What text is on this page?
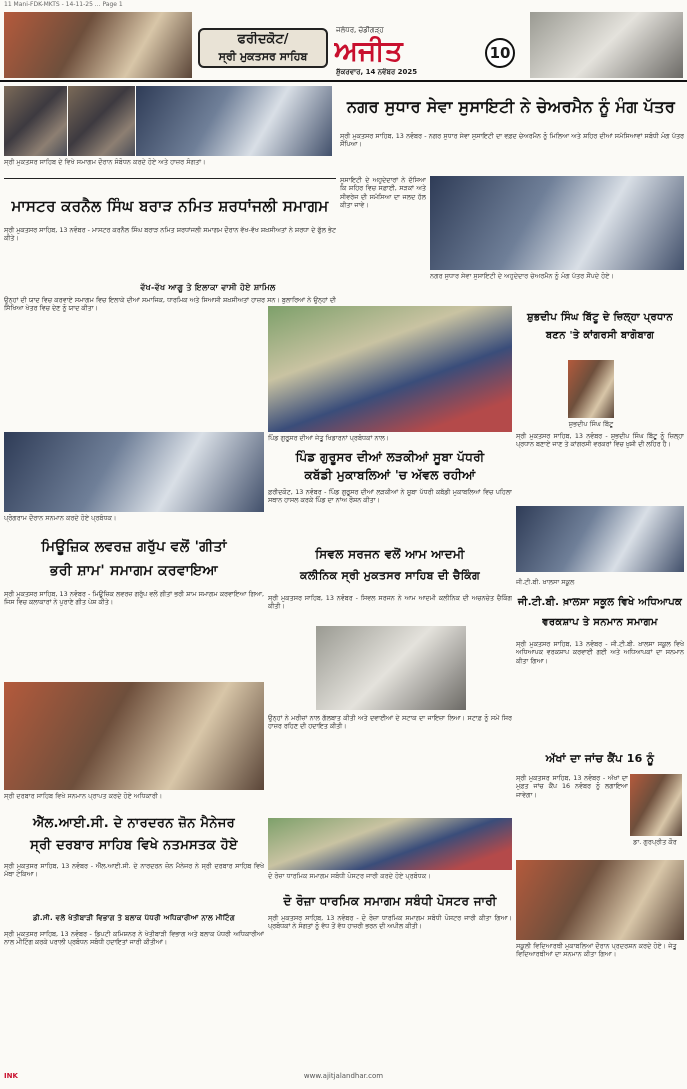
11 Mani-FDK-MKTS - 14-11-25 ... Page 1
ਫਰੀਦਕੋਟ/
ਸ੍ਰੀ ਮੁਕਤਸਰ ਸਾਹਿਬ
ਜਲੰਧਰ, ਚੰਡੀਗੜ੍ਹ
ਅਜੀਤ
ਸ਼ੁੱਕਰਵਾਰ, 14 ਨਵੰਬਰ 2025
10
ਸ੍ਰੀ ਮੁਕਤਸਰ ਸਾਹਿਬ ਦੇ ਵਿਖੇ ਸਮਾਗਮ ਦੌਰਾਨ ਸੰਬੋਧਨ ਕਰਦੇ ਹੋਏ ਅਤੇ ਹਾਜ਼ਰ ਸੰਗਤਾਂ।
ਨਗਰ ਸੁਧਾਰ ਸੇਵਾ ਸੁਸਾਇਟੀ ਨੇ ਚੇਅਰਮੈਨ ਨੂੰ ਮੰਗ ਪੱਤਰ
ਸ੍ਰੀ ਮੁਕਤਸਰ ਸਾਹਿਬ, 13 ਨਵੰਬਰ - ਨਗਰ ਸੁਧਾਰ ਸੇਵਾ ਸੁਸਾਇਟੀ ਦਾ ਵਫ਼ਦ ਚੇਅਰਮੈਨ ਨੂੰ ਮਿਲਿਆ ਅਤੇ ਸ਼ਹਿਰ ਦੀਆਂ ਸਮੱਸਿਆਵਾਂ ਸਬੰਧੀ ਮੰਗ ਪੱਤਰ ਸੌਂਪਿਆ।
ਸੁਸਾਇਟੀ ਦੇ ਅਹੁਦੇਦਾਰਾਂ ਨੇ ਦੱਸਿਆ ਕਿ ਸ਼ਹਿਰ ਵਿਚ ਸਫ਼ਾਈ, ਸੜਕਾਂ ਅਤੇ ਸੀਵਰੇਜ ਦੀ ਸਮੱਸਿਆ ਦਾ ਜਲਦ ਹੱਲ ਕੀਤਾ ਜਾਵੇ।
ਨਗਰ ਸੁਧਾਰ ਸੇਵਾ ਸੁਸਾਇਟੀ ਦੇ ਅਹੁਦੇਦਾਰ ਚੇਅਰਮੈਨ ਨੂੰ ਮੰਗ ਪੱਤਰ ਸੌਂਪਦੇ ਹੋਏ।
ਮਾਸਟਰ ਕਰਨੈਲ ਸਿੰਘ ਬਰਾੜ ਨਮਿਤ ਸ਼ਰਧਾਂਜਲੀ ਸਮਾਗਮ
ਸ੍ਰੀ ਮੁਕਤਸਰ ਸਾਹਿਬ, 13 ਨਵੰਬਰ - ਮਾਸਟਰ ਕਰਨੈਲ ਸਿੰਘ ਬਰਾੜ ਨਮਿਤ ਸ਼ਰਧਾਂਜਲੀ ਸਮਾਗਮ ਦੌਰਾਨ ਵੱਖ-ਵੱਖ ਸ਼ਖ਼ਸੀਅਤਾਂ ਨੇ ਸ਼ਰਧਾ ਦੇ ਫੁੱਲ ਭੇਟ ਕੀਤੇ।
ਵੱਖ-ਵੱਖ ਆਗੂ ਤੇ ਇਲਾਕਾ ਵਾਸੀ ਹੋਏ ਸ਼ਾਮਿਲ
ਉਨ੍ਹਾਂ ਦੀ ਯਾਦ ਵਿਚ ਕਰਵਾਏ ਸਮਾਗਮ ਵਿਚ ਇਲਾਕੇ ਦੀਆਂ ਸਮਾਜਿਕ, ਧਾਰਮਿਕ ਅਤੇ ਸਿਆਸੀ ਸ਼ਖ਼ਸੀਅਤਾਂ ਹਾਜ਼ਰ ਸਨ। ਬੁਲਾਰਿਆਂ ਨੇ ਉਨ੍ਹਾਂ ਦੀ ਸਿੱਖਿਆ ਖੇਤਰ ਵਿਚ ਦੇਣ ਨੂੰ ਯਾਦ ਕੀਤਾ।
ਪਿੰਡ ਗੁਰੂਸਰ ਦੀਆਂ ਜੇਤੂ ਖਿਡਾਰਨਾਂ ਪ੍ਰਬੰਧਕਾਂ ਨਾਲ।
ਪਿੰਡ ਗੁਰੂਸਰ ਦੀਆਂ ਲੜਕੀਆਂ ਸੂਬਾ ਪੱਧਰੀ
ਕਬੱਡੀ ਮੁਕਾਬਲਿਆਂ 'ਚ ਅੱਵਲ ਰਹੀਆਂ
ਫ਼ਰੀਦਕੋਟ, 13 ਨਵੰਬਰ - ਪਿੰਡ ਗੁਰੂਸਰ ਦੀਆਂ ਲੜਕੀਆਂ ਨੇ ਸੂਬਾ ਪੱਧਰੀ ਕਬੱਡੀ ਮੁਕਾਬਲਿਆਂ ਵਿਚ ਪਹਿਲਾ ਸਥਾਨ ਹਾਸਲ ਕਰਕੇ ਪਿੰਡ ਦਾ ਨਾਂਅ ਰੌਸ਼ਨ ਕੀਤਾ।
ਸ਼ੁਭਦੀਪ ਸਿੰਘ ਬਿੱਟੂ ਦੇ ਜ਼ਿਲ੍ਹਾ ਪ੍ਰਧਾਨ
ਬਣਨ 'ਤੇ ਕਾਂਗਰਸੀ ਬਾਗੋਬਾਗ
ਸ਼ੁਭਦੀਪ ਸਿੰਘ ਬਿੱਟੂ
ਸ੍ਰੀ ਮੁਕਤਸਰ ਸਾਹਿਬ, 13 ਨਵੰਬਰ - ਸ਼ੁਭਦੀਪ ਸਿੰਘ ਬਿੱਟੂ ਨੂੰ ਜ਼ਿਲ੍ਹਾ ਪ੍ਰਧਾਨ ਬਣਾਏ ਜਾਣ ਤੇ ਕਾਂਗਰਸੀ ਵਰਕਰਾਂ ਵਿਚ ਖ਼ੁਸ਼ੀ ਦੀ ਲਹਿਰ ਹੈ।
ਪ੍ਰੋਗਰਾਮ ਦੌਰਾਨ ਸਨਮਾਨ ਕਰਦੇ ਹੋਏ ਪ੍ਰਬੰਧਕ।
ਮਿਊਜ਼ਿਕ ਲਵਰਜ਼ ਗਰੁੱਪ ਵਲੋਂ 'ਗੀਤਾਂ
ਭਰੀ ਸ਼ਾਮ' ਸਮਾਗਮ ਕਰਵਾਇਆ
ਸ੍ਰੀ ਮੁਕਤਸਰ ਸਾਹਿਬ, 13 ਨਵੰਬਰ - ਮਿਊਜ਼ਿਕ ਲਵਰਜ਼ ਗਰੁੱਪ ਵਲੋਂ ਗੀਤਾਂ ਭਰੀ ਸ਼ਾਮ ਸਮਾਗਮ ਕਰਵਾਇਆ ਗਿਆ, ਜਿਸ ਵਿਚ ਕਲਾਕਾਰਾਂ ਨੇ ਪੁਰਾਣੇ ਗੀਤ ਪੇਸ਼ ਕੀਤੇ।
ਸ੍ਰੀ ਦਰਬਾਰ ਸਾਹਿਬ ਵਿਖੇ ਸਨਮਾਨ ਪ੍ਰਾਪਤ ਕਰਦੇ ਹੋਏ ਅਧਿਕਾਰੀ।
ਸਿਵਲ ਸਰਜਨ ਵਲੋਂ ਆਮ ਆਦਮੀ
ਕਲੀਨਿਕ ਸ੍ਰੀ ਮੁਕਤਸਰ ਸਾਹਿਬ ਦੀ ਚੈਕਿੰਗ
ਸ੍ਰੀ ਮੁਕਤਸਰ ਸਾਹਿਬ, 13 ਨਵੰਬਰ - ਸਿਵਲ ਸਰਜਨ ਨੇ ਆਮ ਆਦਮੀ ਕਲੀਨਿਕ ਦੀ ਅਚਨਚੇਤ ਚੈਕਿੰਗ ਕੀਤੀ।
ਉਨ੍ਹਾਂ ਨੇ ਮਰੀਜ਼ਾਂ ਨਾਲ ਗੱਲਬਾਤ ਕੀਤੀ ਅਤੇ ਦਵਾਈਆਂ ਦੇ ਸਟਾਕ ਦਾ ਜਾਇਜ਼ਾ ਲਿਆ। ਸਟਾਫ਼ ਨੂੰ ਸਮੇਂ ਸਿਰ ਹਾਜ਼ਰ ਰਹਿਣ ਦੀ ਹਦਾਇਤ ਕੀਤੀ।
ਜੀ.ਟੀ.ਬੀ. ਖ਼ਾਲਸਾ ਸਕੂਲ
ਜੀ.ਟੀ.ਬੀ. ਖ਼ਾਲਸਾ ਸਕੂਲ ਵਿਖੇ ਅਧਿਆਪਕ
ਵਰਕਸ਼ਾਪ ਤੇ ਸਨਮਾਨ ਸਮਾਗਮ
ਸ੍ਰੀ ਮੁਕਤਸਰ ਸਾਹਿਬ, 13 ਨਵੰਬਰ - ਜੀ.ਟੀ.ਬੀ. ਖ਼ਾਲਸਾ ਸਕੂਲ ਵਿਖੇ ਅਧਿਆਪਕ ਵਰਕਸ਼ਾਪ ਕਰਵਾਈ ਗਈ ਅਤੇ ਅਧਿਆਪਕਾਂ ਦਾ ਸਨਮਾਨ ਕੀਤਾ ਗਿਆ।
ਅੱਖਾਂ ਦਾ ਜਾਂਚ ਕੈਂਪ 16 ਨੂੰ
ਸ੍ਰੀ ਮੁਕਤਸਰ ਸਾਹਿਬ, 13 ਨਵੰਬਰ - ਅੱਖਾਂ ਦਾ ਮੁਫ਼ਤ ਜਾਂਚ ਕੈਂਪ 16 ਨਵੰਬਰ ਨੂੰ ਲਗਾਇਆ ਜਾਵੇਗਾ।
ਡਾ. ਗੁਰਪ੍ਰੀਤ ਕੌਰ
ਐੱਲ.ਆਈ.ਸੀ. ਦੇ ਨਾਰਦਰਨ ਜ਼ੋਨ ਮੈਨੇਜਰ
ਸ੍ਰੀ ਦਰਬਾਰ ਸਾਹਿਬ ਵਿਖੇ ਨਤਮਸਤਕ ਹੋਏ
ਸ੍ਰੀ ਮੁਕਤਸਰ ਸਾਹਿਬ, 13 ਨਵੰਬਰ - ਐੱਲ.ਆਈ.ਸੀ. ਦੇ ਨਾਰਦਰਨ ਜ਼ੋਨ ਮੈਨੇਜਰ ਨੇ ਸ੍ਰੀ ਦਰਬਾਰ ਸਾਹਿਬ ਵਿਖੇ ਮੱਥਾ ਟੇਕਿਆ।	ਦੋ ਰੋਜ਼ਾ ਧਾਰਮਿਕ ਸਮਾਗਮ ਸਬੰਧੀ ਪੋਸਟਰ ਜਾਰੀ ਕਰਦੇ ਹੋਏ ਪ੍ਰਬੰਧਕ।
ਦੋ ਰੋਜ਼ਾ ਧਾਰਮਿਕ ਸਮਾਗਮ ਸਬੰਧੀ ਪੋਸਟਰ ਜਾਰੀ
ਸ੍ਰੀ ਮੁਕਤਸਰ ਸਾਹਿਬ, 13 ਨਵੰਬਰ - ਦੋ ਰੋਜ਼ਾ ਧਾਰਮਿਕ ਸਮਾਗਮ ਸਬੰਧੀ ਪੋਸਟਰ ਜਾਰੀ ਕੀਤਾ ਗਿਆ। ਪ੍ਰਬੰਧਕਾਂ ਨੇ ਸੰਗਤਾਂ ਨੂੰ ਵੱਧ ਤੋਂ ਵੱਧ ਹਾਜ਼ਰੀ ਭਰਨ ਦੀ ਅਪੀਲ ਕੀਤੀ।
ਡੀ.ਸੀ. ਵਲੋਂ ਖੇਤੀਬਾੜੀ ਵਿਭਾਗ ਤੇ ਬਲਾਕ ਪੱਧਰੀ ਅਧਿਕਾਰੀਆਂ ਨਾਲ ਮੀਟਿੰਗ
ਸ੍ਰੀ ਮੁਕਤਸਰ ਸਾਹਿਬ, 13 ਨਵੰਬਰ - ਡਿਪਟੀ ਕਮਿਸ਼ਨਰ ਨੇ ਖੇਤੀਬਾੜੀ ਵਿਭਾਗ ਅਤੇ ਬਲਾਕ ਪੱਧਰੀ ਅਧਿਕਾਰੀਆਂ ਨਾਲ ਮੀਟਿੰਗ ਕਰਕੇ ਪਰਾਲੀ ਪ੍ਰਬੰਧਨ ਸਬੰਧੀ ਹਦਾਇਤਾਂ ਜਾਰੀ ਕੀਤੀਆਂ।	ਸਕੂਲੀ ਵਿਦਿਆਰਥੀ ਮੁਕਾਬਲਿਆਂ ਦੌਰਾਨ ਪ੍ਰਦਰਸ਼ਨ ਕਰਦੇ ਹੋਏ। ਜੇਤੂ ਵਿਦਿਆਰਥੀਆਂ ਦਾ ਸਨਮਾਨ ਕੀਤਾ ਗਿਆ।
INK	www.ajitjalandhar.com
